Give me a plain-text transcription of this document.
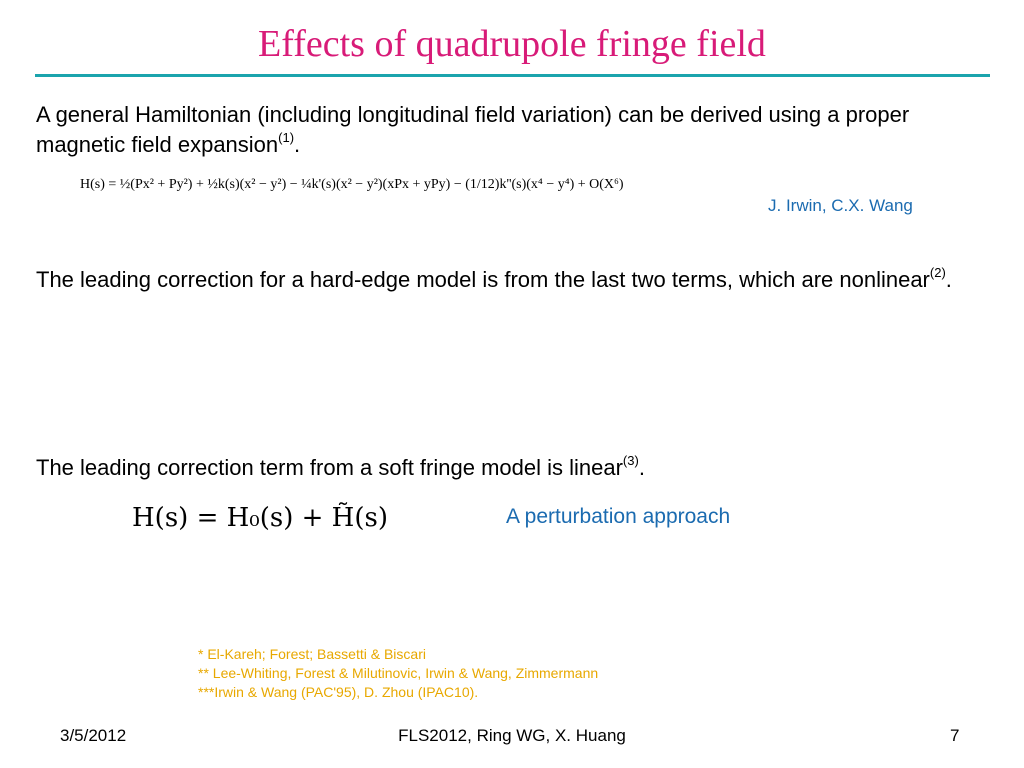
Effects of quadrupole fringe field
A general Hamiltonian (including longitudinal field variation) can be derived using a proper magnetic field expansion$^{(1)}$.
H(s) = ½(Px² + Py²) + ½k(s)(x² − y²) − ¼k'(s)(x² − y²)(xPx + yPy) − (1/12)k''(s)(x⁴ − y⁴) + O(X⁶)
J. Irwin, C.X. Wang
The leading correction for a hard-edge model is from the last two terms, which are nonlinear$^{(2)}$.
The leading correction term from a soft fringe model is linear$^{(3)}$.
H(s) = H₀(s) + H̃(s)	A perturbation approach
* El-Kareh; Forest; Bassetti & Biscari
** Lee-Whiting, Forest & Milutinovic, Irwin & Wang, Zimmermann
***Irwin & Wang (PAC'95), D. Zhou (IPAC10).
3/5/2012	FLS2012, Ring WG, X. Huang	7
